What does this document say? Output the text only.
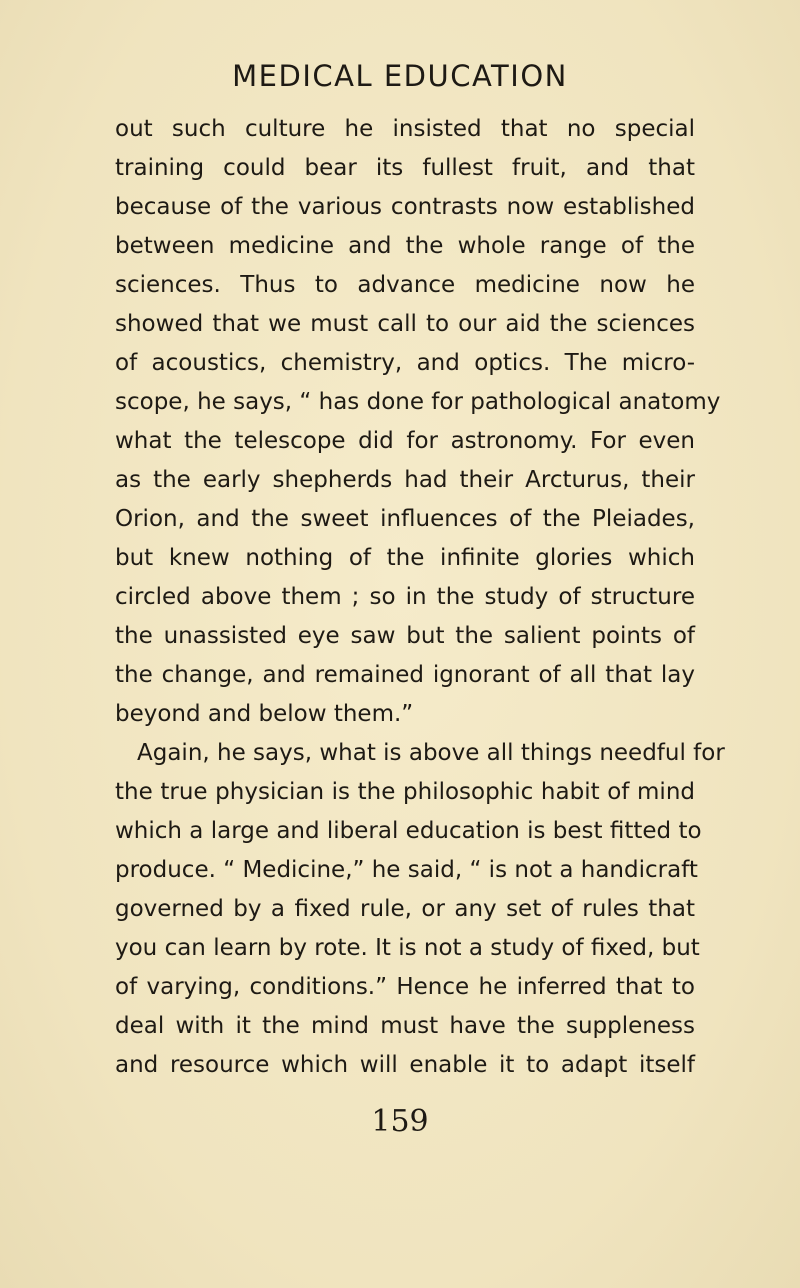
MEDICAL EDUCATION
out such culture he insisted that no special
training could bear its fullest fruit, and that
because of the various contrasts now established
between medicine and the whole range of the
sciences. Thus to advance medicine now he
showed that we must call to our aid the sciences
of acoustics, chemistry, and optics. The micro-
scope, he says, “ has done for pathological anatomy
what the telescope did for astronomy. For even
as the early shepherds had their Arcturus, their
Orion, and the sweet influences of the Pleiades,
but knew nothing of the infinite glories which
circled above them ; so in the study of structure
the unassisted eye saw but the salient points of
the change, and remained ignorant of all that lay
beyond and below them.”
Again, he says, what is above all things needful for
the true physician is the philosophic habit of mind
which a large and liberal education is best fitted to
produce. “ Medicine,” he said, “ is not a handicraft
governed by a fixed rule, or any set of rules that
you can learn by rote. It is not a study of fixed, but
of varying, conditions.” Hence he inferred that to
deal with it the mind must have the suppleness
and resource which will enable it to adapt itself
159
